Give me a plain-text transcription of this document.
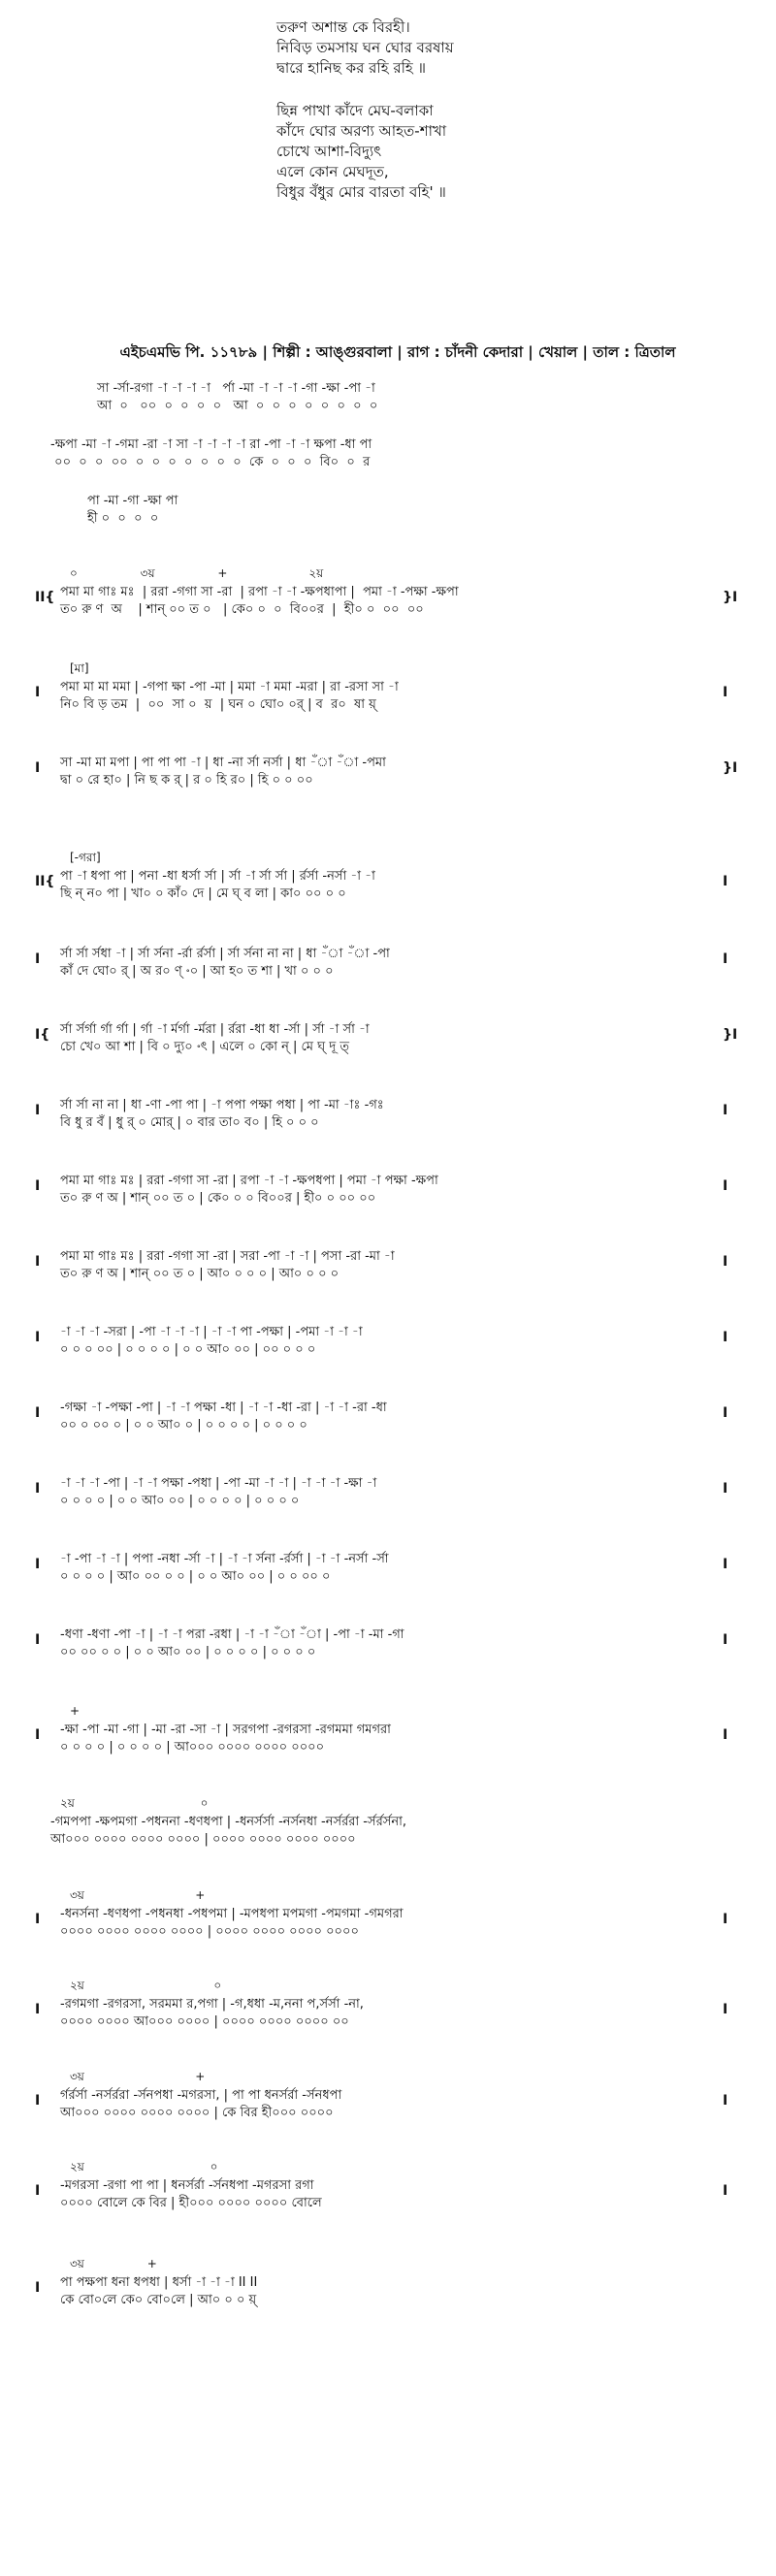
তরুণ অশান্ত কে বিরহী।

নিবিড় তমসায় ঘন ঘোর বরষায়

দ্বারে হানিছ কর রহি রহি ॥

ছিন্ন পাখা কাঁদে মেঘ-বলাকা

কাঁদে ঘোর অরণ্য আহত-শাখা

চোখে আশা-বিদ্যুৎ

এলে কোন মেঘদূত,

বিধুর বঁধুর মোর বারতা বহি' ॥

এইচএমভি পি. ১১৭৮৯ | শিল্পী : আঙ্গুরবালা | রাগ : চাঁদনী কেদারা | খেয়াল | তাল : ত্রিতাল
সা -র্সা-রগা -া -া -া -া   র্পা -মা -া -া -া -গা -ক্ষা -পা -া
আ  ০   ০০  ০  ০  ০  ০   আ  ০  ০  ০  ০  ০  ০  ০  ০
-ক্ষপা -মা -া -গমা -রা -া সা -া -া -া -া রা -পা -া -া ক্ষপা -ধা পা
০০  ০  ০  ০০  ০  ০  ০  ০  ০  ০  ০  কে  ০  ০  ০  বি০  ০  র
পা -মা -গা -ক্ষা পা
হী ০  ০  ০  ০
০                 ৩য়                 +                      ২য়
পমা মা গাঃ মঃ  | ররা -গগা সা -রা  | রপা -া -া -ক্ষপধাপা |  পমা -া -পক্ষা -ক্ষপা
ত০ রু ণ  অ    | শান্ ০০ ত ০   | কে০ ০  ০  বি০০র  |  হী০ ০  ০০  ০০
II{	}I
[মা]
পমা মা মা মমা | -গপা ক্ষা -পা -মা | মমা -া মমা -মরা | রা -রসা সা -া
নি০ বি ড় তম  |  ০০  সা ০  য়  | ঘন ০ ঘো০ ০র্ | ব  র০  ষা য়্
I	I
সা -মা মা মপা | পা পা পা -া | ধা -না র্সা নর্সা | ধা -ঁা -ঁা -পমা
দ্বা ০ রে হা০ | নি ছ ক র্ | র ০ হি র০ | হি ০ ০ ০০
I	}I
[-গরা]
পা -া ধপা পা | পনা -ধা ধর্সা র্সা | র্সা -া র্সা র্সা | র্রর্সা -নর্সা -া -া
ছি ন্ ন০ পা | খা০ ০ কাঁ০ দে | মে ঘ্ ব লা | কা০ ০০ ০ ০
II{	I
র্সা র্সা র্সধা -া | র্সা র্সনা -র্রা র্রর্সা | র্সা র্সনা না না | ধা -ঁা -ঁা -পা
কাঁ দে ঘো০ র্ | অ র০ ণ্ ৽০ | আ হ০ ত শা | খা ০ ০ ০
I	I
র্সা র্সর্গা র্গা র্গা | র্গা -া র্মর্গা -র্মরা | র্ররা -ধা ধা -র্সা | র্সা -া র্সা -া
চো খে০ আ শা | বি ০ দ্যু০ ৽ৎ | এলে ০ কো ন্ | মে ঘ্ দূ ত্
I{	}I
র্সা র্সা না না | ধা -ণা -পা পা | -া পপা পক্ষা পধা | পা -মা -াঃ -গঃ
বি ধু র বঁ | ধু র্ ০ মোর্ | ০ বার তা০ ব০ | হি ০ ০ ০
I	I
পমা মা গাঃ মঃ | ররা -গগা সা -রা | রপা -া -া -ক্ষপধপা | পমা -া পক্ষা -ক্ষপা
ত০ রু ণ অ | শান্ ০০ ত ০ | কে০ ০ ০ বি০০র | হী০ ০ ০০ ০০
I	I
পমা মা গাঃ মঃ | ররা -গগা সা -রা | সরা -পা -া -া | পসা -রা -মা -া
ত০ রু ণ অ | শান্ ০০ ত ০ | আ০ ০ ০ ০ | আ০ ০ ০ ০
I	I
-া -া -া -সরা | -পা -া -া -া | -া -া পা -পক্ষা | -পমা -া -া -া
০ ০ ০ ০০ | ০ ০ ০ ০ | ০ ০ আ০ ০০ | ০০ ০ ০ ০
I	I
-গক্ষা -া -পক্ষা -পা | -া -া পক্ষা -ধা | -া -া -ধা -রা | -া -া -রা -ধা
০০ ০ ০০ ০ | ০ ০ আ০ ০ | ০ ০ ০ ০ | ০ ০ ০ ০
I	I
-া -া -া -পা | -া -া পক্ষা -পধা | -পা -মা -া -া | -া -া -া -ক্ষা -া
০ ০ ০ ০ | ০ ০ আ০ ০০ | ০ ০ ০ ০ | ০ ০ ০ ০
I	I
-া -পা -া -া | পপা -নধা -র্সা -া | -া -া র্সনা -র্রর্সা | -া -া -নর্সা -র্সা
০ ০ ০ ০ | আ০ ০০ ০ ০ | ০ ০ আ০ ০০ | ০ ০ ০০ ০
I	I
-ধণা -ধণা -পা -া | -া -া পরা -রধা | -া -া -ঁা -ঁা | -পা -া -মা -গা
০০ ০০ ০ ০ | ০ ০ আ০ ০০ | ০ ০ ০ ০ | ০ ০ ০ ০
I	I
+
-ক্ষা -পা -মা -গা | -মা -রা -সা -া | সরগপা -রগরসা -রগমমা গমগরা
০ ০ ০ ০ | ০ ০ ০ ০ | আ০০০ ০০০০ ০০০০ ০০০০
I	I
২য়                                  ০
-গমপপা -ক্ষপমগা -পধননা -ধণধপা | -ধনর্সর্সা -নর্সনধা -নর্সর্ররা -র্সর্রর্সনা,
আ০০০ ০০০০ ০০০০ ০০০০ | ০০০০ ০০০০ ০০০০ ০০০০
৩য়                              +
-ধনর্সনা -ধণধপা -পধনধা -পধপমা | -মপধপা মপমগা -পমগমা -গমগরা
০০০০ ০০০০ ০০০০ ০০০০ | ০০০০ ০০০০ ০০০০ ০০০০
I	I
২য়                                   ০
-রগমগা -রগরসা, সরমমা র,পগা | -গ,ধধা -ম,ননা প,র্সর্সা -না,
০০০০ ০০০০ আ০০০ ০০০০ | ০০০০ ০০০০ ০০০০ ০০
I	I
৩য়                              +
র্গর্রর্সা -নর্সর্ররা -র্সনপধা -মগরসা, | পা পা ধনর্সর্রা -র্সনধপা
আ০০০ ০০০০ ০০০০ ০০০০ | কে বির হী০০০ ০০০০
I	I
২য়                                  ০
-মগরসা -রগা পা পা | ধনর্সর্রা -র্সনধপা -মগরসা রগা
০০০০ বোলে কে বির | হী০০০ ০০০০ ০০০০ বোলে
I	I
৩য়                 +
পা পক্ষপা ধনা ধপধা | ধর্সা -া -া -া II II
কে বো০লে কে০ বো০লে | আ০ ০ ০ য়্
I
